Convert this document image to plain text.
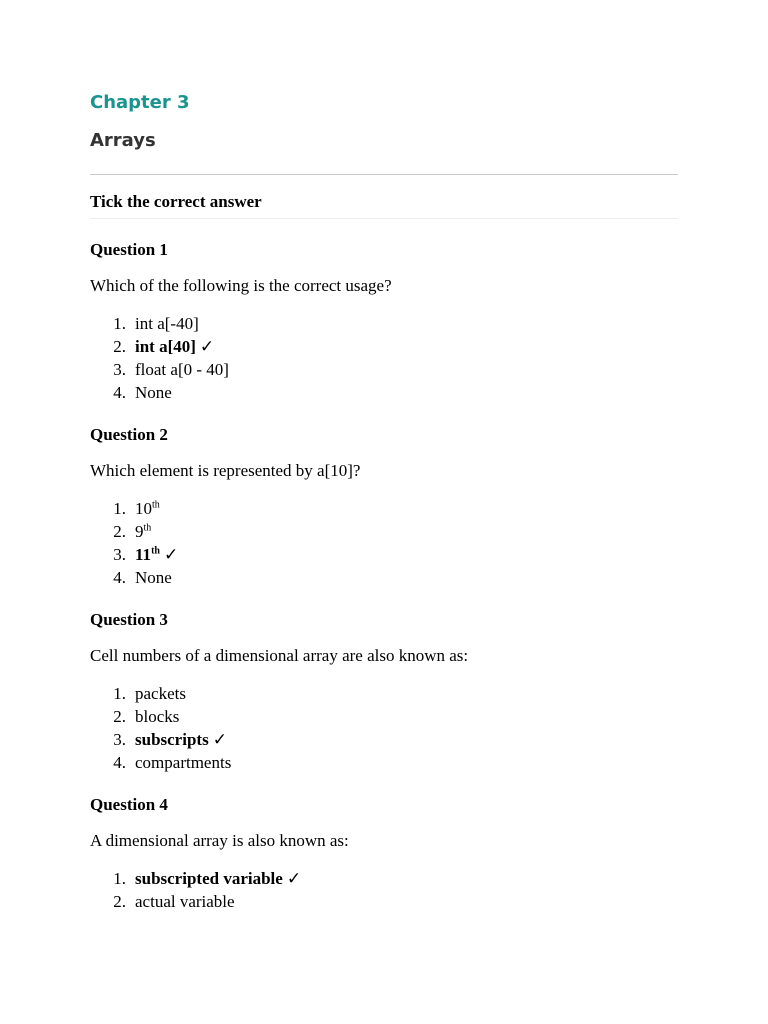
Chapter 3
Arrays
Tick the correct answer
Question 1
Which of the following is the correct usage?
1. int a[-40]
2. int a[40] ✓
3. float a[0 - 40]
4. None
Question 2
Which element is represented by a[10]?
1. 10th
2. 9th
3. 11th ✓
4. None
Question 3
Cell numbers of a dimensional array are also known as:
1. packets
2. blocks
3. subscripts ✓
4. compartments
Question 4
A dimensional array is also known as:
1. subscripted variable ✓
2. actual variable
